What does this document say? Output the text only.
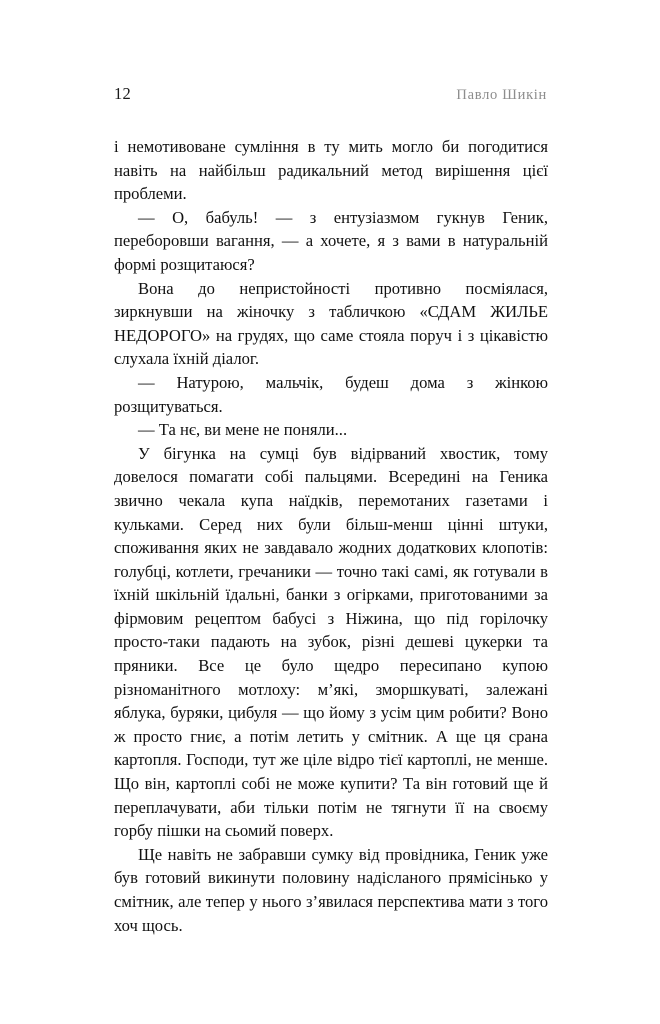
12	Павло Шикін

і немотивоване сумління в ту мить могло би погодитися навіть на найбільш радикальний метод вирішення цієї проблеми.

— О, бабуль! — з ентузіазмом гукнув Геник, переборовши вагання, — а хочете, я з вами в натуральній формі розщитаюся?

Вона до непристойності противно посміялася, зиркнувши на жіночку з табличкою «СДАМ ЖИЛЬЕ НЕДОРОГО» на грудях, що саме стояла поруч і з цікавістю слухала їхній діалог.

— Натурою, мальчік, будеш дома з жінкою розщитуваться.

— Та нє, ви мене не поняли...

У бігунка на сумці був відірваний хвостик, тому довелося помагати собі пальцями. Всередині на Геника звично чекала купа наїдків, перемотаних газетами і кульками. Серед них були більш-менш цінні штуки, споживання яких не завдавало жодних додаткових клопотів: голубці, котлети, гречаники — точно такі самі, як готували в їхній шкільній їдальні, банки з огірками, приготованими за фірмовим рецептом бабусі з Ніжина, що під горілочку просто-таки падають на зубок, різні дешеві цукерки та пряники. Все це було щедро пересипано купою різноманітного мотлоху: м’які, зморшкуваті, залежані яблука, буряки, цибуля — що йому з усім цим робити? Воно ж просто гниє, а потім летить у смітник. А ще ця срана картопля. Господи, тут же ціле відро тієї картоплі, не менше. Що він, картоплі собі не може купити? Та він готовий ще й переплачувати, аби тільки потім не тягнути її на своєму горбу пішки на сьомий поверх.

Ще навіть не забравши сумку від провідника, Геник уже був готовий викинути половину надісланого прямісінько у смітник, але тепер у нього з’явилася перспектива мати з того хоч щось.
